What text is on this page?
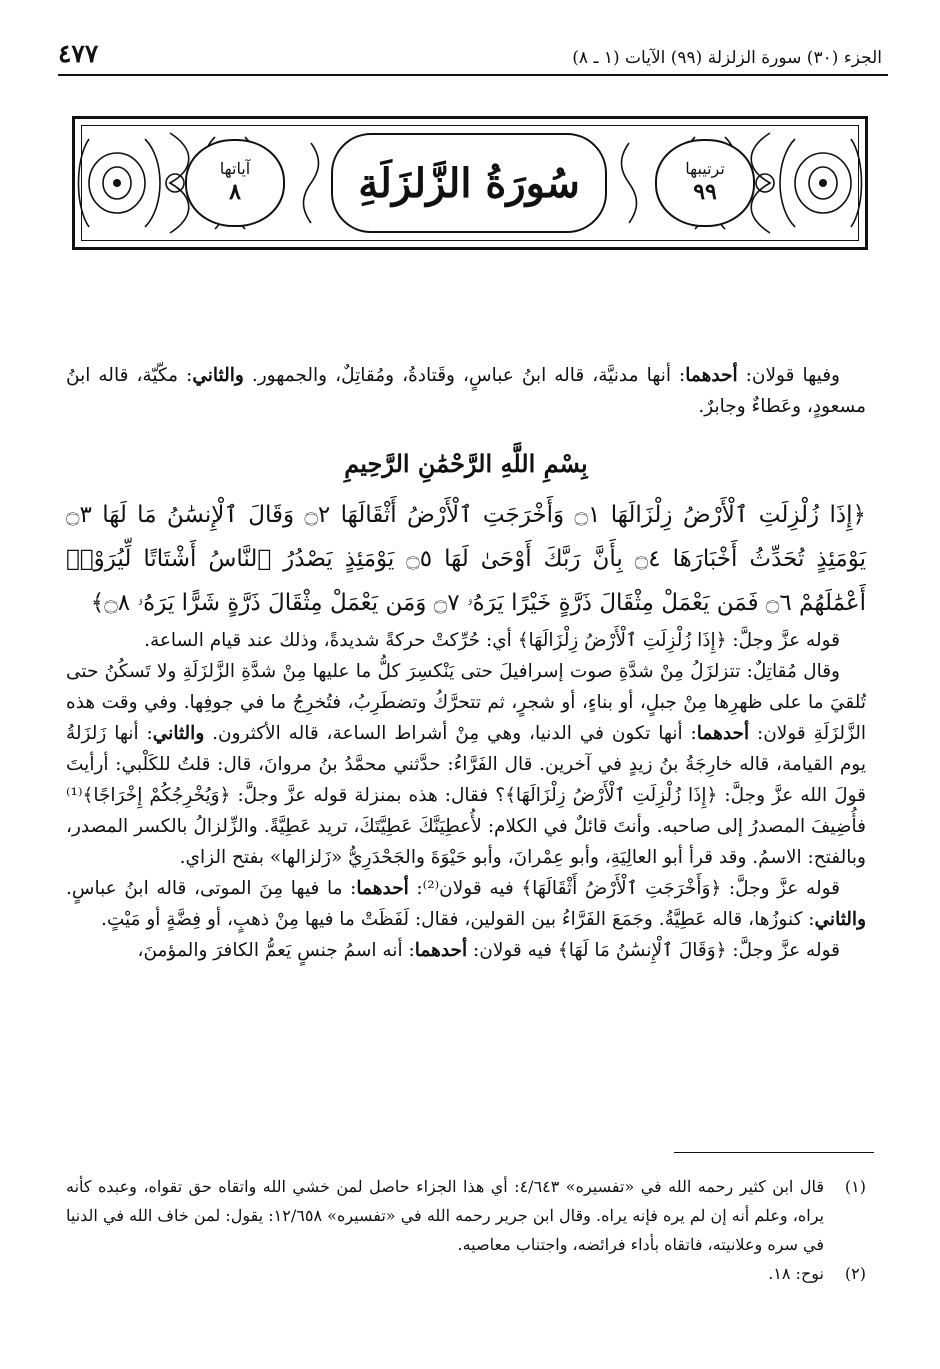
الجزء (٣٠) سورة الزلزلة (٩٩) الآيات (١ ـ ٨)
٤٧٧
ترتيبها
٩٩
سُورَةُ الزَّلزَلَةِ
آياتها
٨

وفيها قولان: أحدهما: أنها مدنيَّة، قاله ابنُ عباسٍ، وقَتادةُ، ومُقاتِلٌ، والجمهور. والثاني: مكّيّة، قاله ابنُ مسعودٍ، وعَطاءٌ وجابرٌ.

بِسْمِ اللَّهِ الرَّحْمَٰنِ الرَّحِيمِ

﴿إِذَا زُلْزِلَتِ ٱلْأَرْضُ زِلْزَالَهَا ۝١ وَأَخْرَجَتِ ٱلْأَرْضُ أَثْقَالَهَا ۝٢ وَقَالَ ٱلْإِنسَٰنُ مَا لَهَا ۝٣ يَوْمَئِذٍ تُحَدِّثُ أَخْبَارَهَا ۝٤ بِأَنَّ رَبَّكَ أَوْحَىٰ لَهَا ۝٥ يَوْمَئِذٍ يَصْدُرُ ٱلنَّاسُ أَشْتَاتًا لِّيُرَوْا۟ أَعْمَٰلَهُمْ ۝٦ فَمَن يَعْمَلْ مِثْقَالَ ذَرَّةٍ خَيْرًا يَرَهُۥ ۝٧ وَمَن يَعْمَلْ مِثْقَالَ ذَرَّةٍ شَرًّا يَرَهُۥ ۝٨﴾

قوله عزَّ وجلَّ: ﴿إِذَا زُلْزِلَتِ ٱلْأَرْضُ زِلْزَالَهَا﴾ أي: حُرِّكتْ حركةً شديدةً، وذلك عند قيام الساعة.

وقال مُقاتِلٌ: تتزلزَلُ مِنْ شدَّةِ صوت إسرافيلَ حتى يَنْكسِرَ كلُّ ما عليها مِنْ شدَّةِ الزَّلزَلَةِ ولا تَسكُنُ حتى تُلقيَ ما على ظهرِها مِنْ جبلٍ، أو بناءٍ، أو شجرٍ، ثم تتحرَّكُ وتضطَرِبُ، فتُخرِجُ ما في جوفِها. وفي وقت هذه الزَّلزَلَةِ قولان: أحدهما: أنها تكون في الدنيا، وهي مِنْ أشراط الساعة، قاله الأكثرون. والثاني: أنها زَلزَلةُ يوم القيامة، قاله خارِجَةُ بنُ زيدٍ في آخرين. قال الفَرَّاءُ: حدَّثني محمَّدُ بنُ مروانَ، قال: قلتُ للكَلْبي: أرأيتَ قولَ الله عزَّ وجلَّ: ﴿إِذَا زُلْزِلَتِ ٱلْأَرْضُ زِلْزَالَهَا﴾؟ فقال: هذه بمنزلة قوله عزَّ وجلَّ: ﴿وَيُخْرِجُكُمْ إِخْرَاجًا﴾⁽¹⁾ فأُضِيفَ المصدرُ إلى صاحبه. وأنتَ قائلٌ في الكلام: لأُعطِيَنَّكَ عَطِيَّتَكَ، تريد عَطِيَّةً. والزِّلزالُ بالكسر المصدر، وبالفتح: الاسمُ. وقد قرأ أبو العالِيَةِ، وأبو عِمْرانَ، وأبو حَيْوَةَ والجَحْدَرِيُّ «زَلزالها» بفتح الزاي.

قوله عزَّ وجلَّ: ﴿وَأَخْرَجَتِ ٱلْأَرْضُ أَثْقَالَهَا﴾ فيه قولان⁽²⁾: أحدهما: ما فيها مِنَ الموتى، قاله ابنُ عباسٍ. والثاني: كنوزُها، قاله عَطِيَّةُ. وجَمَعَ الفَرَّاءُ بين القولين، فقال: لَفَظَتْ ما فيها مِنْ ذهبٍ، أو فِضَّةٍ أو مَيْتٍ.

قوله عزَّ وجلَّ: ﴿وَقَالَ ٱلْإِنسَٰنُ مَا لَهَا﴾ فيه قولان: أحدهما: أنه اسمُ جنسٍ يَعمُّ الكافرَ والمؤمنَ،

(١)
قال ابن كثير رحمه الله في «تفسيره» ٤/٦٤٣: أي هذا الجزاء حاصل لمن خشي الله واتقاه حق تقواه، وعبده كأنه يراه، وعلم أنه إن لم يره فإنه يراه. وقال ابن جرير رحمه الله في «تفسيره» ١٢/٦٥٨: يقول: لمن خاف الله في الدنيا في سره وعلانيته، فاتقاه بأداء فرائضه، واجتناب معاصيه.

(٢)
نوح: ١٨.
